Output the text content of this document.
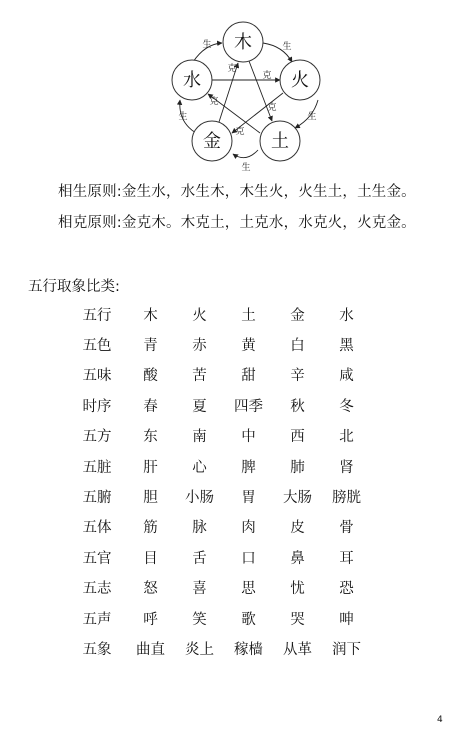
木
火
土
金
水
生
生
生
生
生
克
克
克
克
克
相生原则:金生水，水生木，木生火，火生土，土生金。
相克原则:金克木。木克土，土克水，水克火，火克金。
五行取象比类:
五行	木	火	土	金	水
五色	青	赤	黄	白	黑
五味	酸	苦	甜	辛	咸
时序	春	夏	四季	秋	冬
五方	东	南	中	西	北
五脏	肝	心	脾	肺	肾
五腑	胆	小肠	胃	大肠	膀胱
五体	筋	脉	肉	皮	骨
五官	目	舌	口	鼻	耳
五志	怒	喜	思	忧	恐
五声	呼	笑	歌	哭	呻
五象	曲直	炎上	稼樯	从革	润下
4
